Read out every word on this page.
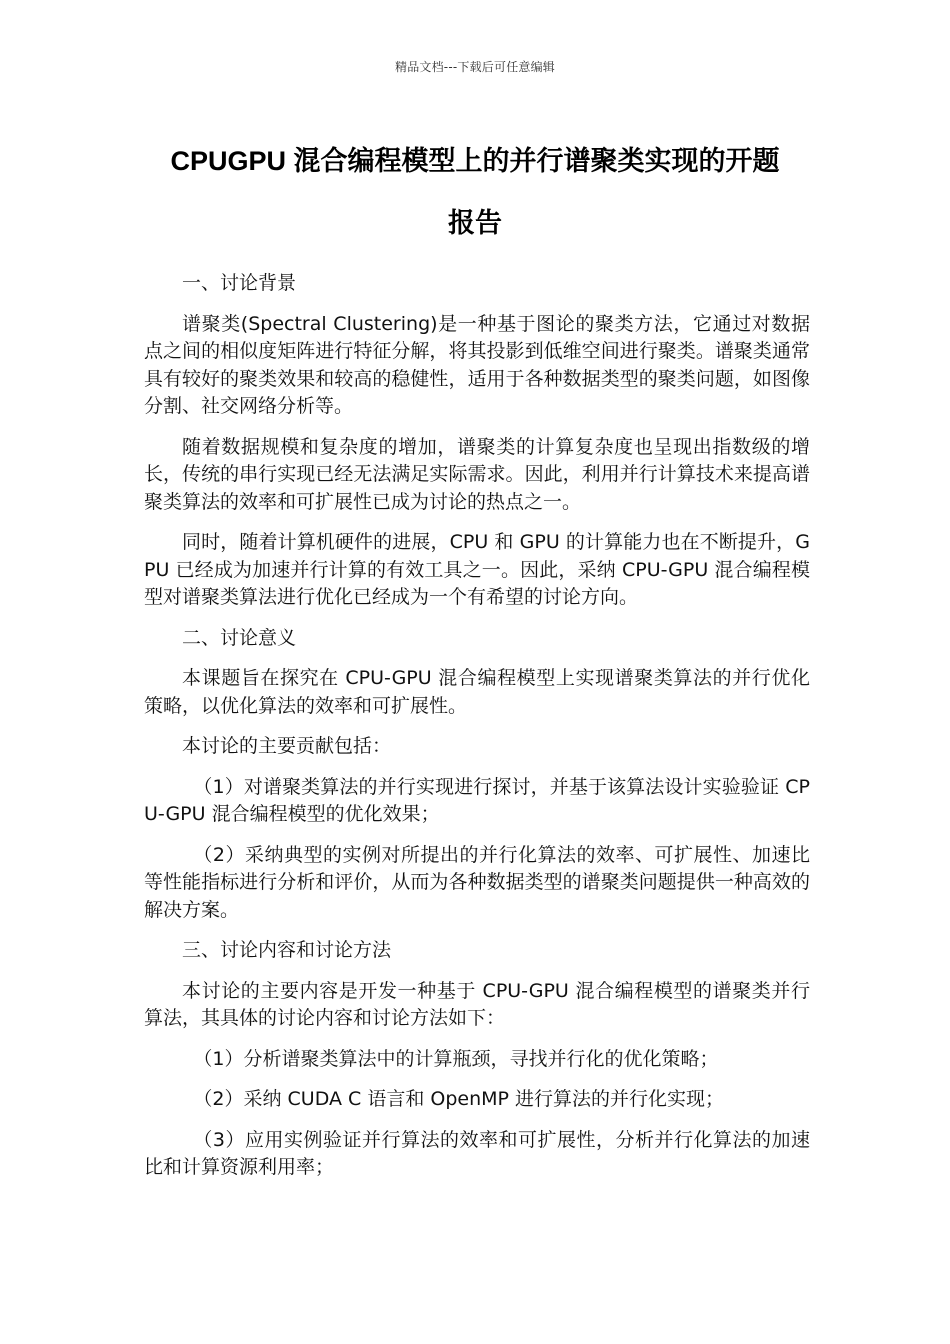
精品文档---下载后可任意编辑
CPUGPU 混合编程模型上的并行谱聚类实现的开题
报告

一、讨论背景

谱聚类(Spectral Clustering)是一种基于图论的聚类方法，它通过对数据点之间的相似度矩阵进行特征分解，将其投影到低维空间进行聚类。谱聚类通常具有较好的聚类效果和较高的稳健性，适用于各种数据类型的聚类问题，如图像分割、社交网络分析等。

随着数据规模和复杂度的增加，谱聚类的计算复杂度也呈现出指数级的增长，传统的串行实现已经无法满足实际需求。因此，利用并行计算技术来提高谱聚类算法的效率和可扩展性已成为讨论的热点之一。

同时，随着计算机硬件的进展，CPU 和 GPU 的计算能力也在不断提升，GPU 已经成为加速并行计算的有效工具之一。因此，采纳 CPU-GPU 混合编程模型对谱聚类算法进行优化已经成为一个有希望的讨论方向。

二、讨论意义

本课题旨在探究在 CPU-GPU 混合编程模型上实现谱聚类算法的并行优化策略，以优化算法的效率和可扩展性。

本讨论的主要贡献包括：

（1）对谱聚类算法的并行实现进行探讨，并基于该算法设计实验验证 CPU-GPU 混合编程模型的优化效果；

（2）采纳典型的实例对所提出的并行化算法的效率、可扩展性、加速比等性能指标进行分析和评价，从而为各种数据类型的谱聚类问题提供一种高效的解决方案。

三、讨论内容和讨论方法

本讨论的主要内容是开发一种基于 CPU-GPU 混合编程模型的谱聚类并行算法，其具体的讨论内容和讨论方法如下：

（1）分析谱聚类算法中的计算瓶颈，寻找并行化的优化策略；

（2）采纳 CUDA C 语言和 OpenMP 进行算法的并行化实现；

（3）应用实例验证并行算法的效率和可扩展性，分析并行化算法的加速比和计算资源利用率；
